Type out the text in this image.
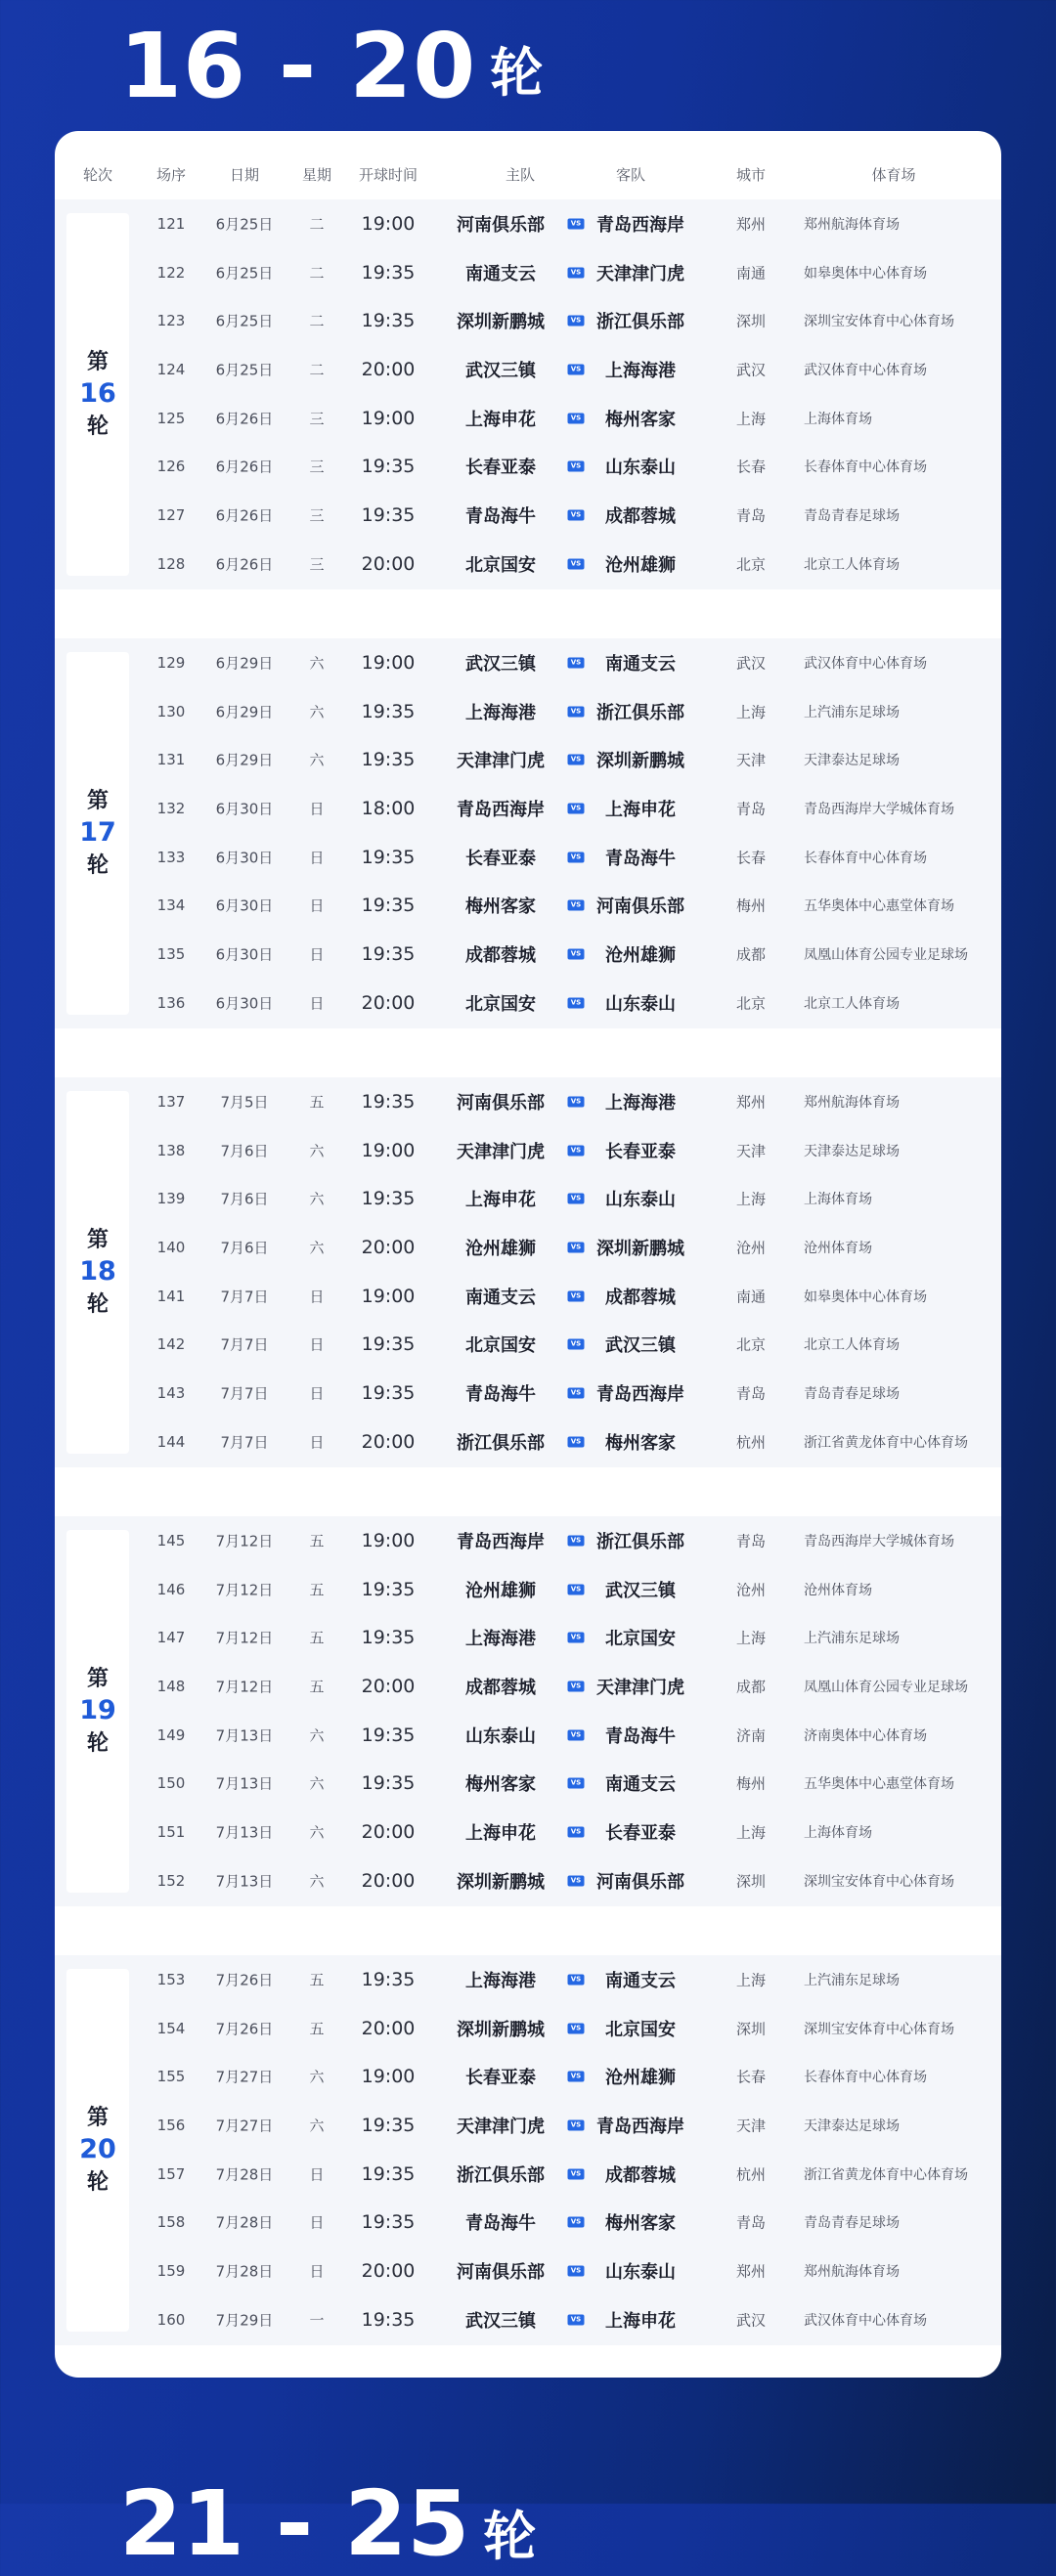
16 - 20 轮
轮次	场序	日期	星期 开球时间	主队	客队	城市	体育场
第
16
轮
121 6月25日 二 19:00 河南俱乐部	青岛西海岸	郑州	郑州航海体育场
VS
122 6月25日 二 19:35	南通支云	天津津门虎	南通	如皋奥体中心体育场
VS
123 6月25日 二 19:35 深圳新鹏城	浙江俱乐部	深圳	深圳宝安体育中心体育场
VS
124 6月25日 二 20:00	武汉三镇	上海海港	武汉	武汉体育中心体育场
VS
125 6月26日 三 19:00	上海申花	梅州客家	上海	上海体育场
VS
126 6月26日 三 19:35	长春亚泰	山东泰山	长春	长春体育中心体育场
VS
127 6月26日 三 19:35	青岛海牛	成都蓉城	青岛	青岛青春足球场
VS
128 6月26日 三 20:00	北京国安	沧州雄狮	北京	北京工人体育场
VS
第
17
轮
129 6月29日 六 19:00	武汉三镇	南通支云	武汉	武汉体育中心体育场
VS
130 6月29日 六 19:35	上海海港	浙江俱乐部	上海	上汽浦东足球场
VS
131 6月29日 六 19:35 天津津门虎	深圳新鹏城	天津	天津泰达足球场
VS
132 6月30日 日 18:00 青岛西海岸	上海申花	青岛	青岛西海岸大学城体育场
VS
133 6月30日 日 19:35	长春亚泰	青岛海牛	长春	长春体育中心体育场
VS
134 6月30日 日 19:35	梅州客家	河南俱乐部	梅州	五华奥体中心惠堂体育场
VS
135 6月30日 日 19:35	成都蓉城	沧州雄狮	成都	凤凰山体育公园专业足球场
VS
136 6月30日 日 20:00	北京国安	山东泰山	北京	北京工人体育场
VS
第
18
轮
137 7月5日	五 19:35 河南俱乐部	上海海港	郑州	郑州航海体育场
VS
138 7月6日	六 19:00 天津津门虎	长春亚泰	天津	天津泰达足球场
VS
139 7月6日	六 19:35	上海申花	山东泰山	上海	上海体育场
VS
140 7月6日	六 20:00	沧州雄狮	深圳新鹏城	沧州	沧州体育场
VS
141 7月7日	日 19:00	南通支云	成都蓉城	南通	如皋奥体中心体育场
VS
142 7月7日	日 19:35	北京国安	武汉三镇	北京	北京工人体育场
VS
143 7月7日	日 19:35	青岛海牛	青岛西海岸	青岛	青岛青春足球场
VS
144 7月7日	日 20:00 浙江俱乐部	梅州客家	杭州	浙江省黄龙体育中心体育场
VS
第
19
轮
145 7月12日 五 19:00 青岛西海岸	浙江俱乐部	青岛	青岛西海岸大学城体育场
VS
146 7月12日 五 19:35	沧州雄狮	武汉三镇	沧州	沧州体育场
VS
147 7月12日 五 19:35	上海海港	北京国安	上海	上汽浦东足球场
VS
148 7月12日 五 20:00	成都蓉城	天津津门虎	成都	凤凰山体育公园专业足球场
VS
149 7月13日 六 19:35	山东泰山	青岛海牛	济南	济南奥体中心体育场
VS
150 7月13日 六 19:35	梅州客家	南通支云	梅州	五华奥体中心惠堂体育场
VS
151 7月13日 六 20:00	上海申花	长春亚泰	上海	上海体育场
VS
152 7月13日 六 20:00 深圳新鹏城	河南俱乐部	深圳	深圳宝安体育中心体育场
VS
第
20
轮
153 7月26日 五 19:35	上海海港	南通支云	上海	上汽浦东足球场
VS
154 7月26日 五 20:00 深圳新鹏城	北京国安	深圳	深圳宝安体育中心体育场
VS
155 7月27日 六 19:00	长春亚泰	沧州雄狮	长春	长春体育中心体育场
VS
156 7月27日 六 19:35 天津津门虎	青岛西海岸	天津	天津泰达足球场
VS
157 7月28日 日 19:35 浙江俱乐部	成都蓉城	杭州	浙江省黄龙体育中心体育场
VS
158 7月28日 日 19:35	青岛海牛	梅州客家	青岛	青岛青春足球场
VS
159 7月28日 日 20:00 河南俱乐部	山东泰山	郑州	郑州航海体育场
VS
160 7月29日 一 19:35	武汉三镇	上海申花	武汉	武汉体育中心体育场
VS
21 - 25 轮
